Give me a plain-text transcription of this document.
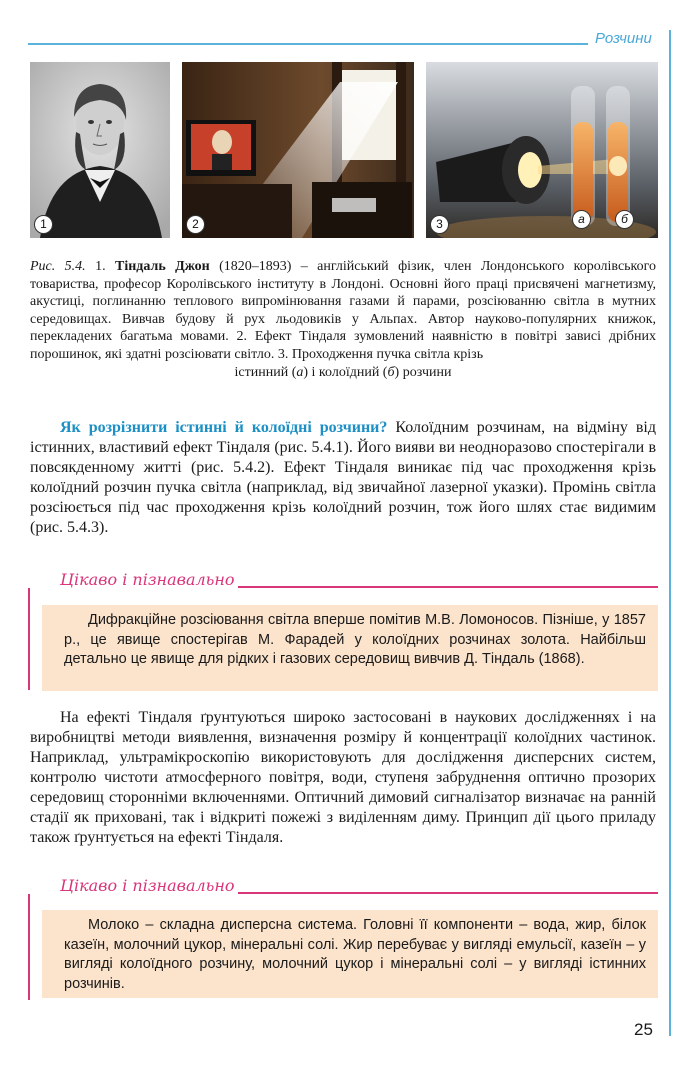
Розчини
1	2	3	а	б
Рис. 5.4. 1. Тіндаль Джон (1820–1893) – англійський фізик, член Лондонського королівського товариства, професор Королівського інституту в Лондоні. Основні його праці присвячені магнетизму, акустиці, поглинанню теплового випромінювання газами й парами, розсіюванню світла в мутних середовищах. Вивчав будову й рух льодовиків у Альпах. Автор науково-популярних книжок, перекладених багатьма мовами. 2. Ефект Тіндаля зумовлений наявністю в повітрі зависі дрібних порошинок, які здатні розсіювати світло. 3. Проходження пучка світла крізь
істинний (а) і колоїдний (б) розчини
Як розрізнити істинні й колоїдні розчини? Колоїдним розчинам, на відміну від істинних, властивий ефект Тіндаля (рис. 5.4.1). Його вияви ви неодноразово спостерігали в повсякденному житті (рис. 5.4.2). Ефект Тіндаля виникає під час проходження крізь колоїдний розчин пучка світла (наприклад, від звичайної лазерної указки). Промінь світла розсіюється під час проходження крізь колоїдний розчин, тож його шлях стає видимим (рис. 5.4.3).
Цікаво і пізнавально

Дифракційне розсіювання світла вперше помітив М.В. Ломоносов. Пізніше, у 1857 р., це явище спостерігав М. Фарадей у колоїдних розчинах золота. Найбільш детально це явище для рідких і газових середовищ вивчив Д. Тіндаль (1868).

На ефекті Тіндаля ґрунтуються широко застосовані в наукових дослідженнях і на виробництві методи виявлення, визначення розміру й концентрації колоїдних частинок. Наприклад, ультрамікроскопію використовують для дослідження дисперсних систем, контролю чистоти атмосферного повітря, води, ступеня забруднення оптично прозорих середовищ сторонніми включеннями. Оптичний димовий сигналізатор визначає на ранній стадії як приховані, так і відкриті пожежі з виділенням диму. Принцип дії цього приладу також ґрунтується на ефекті Тіндаля.
Цікаво і пізнавально

Молоко – складна дисперсна система. Головні її компоненти – вода, жир, білок казеїн, молочний цукор, мінеральні солі. Жир перебуває у вигляді емульсії, казеїн – у вигляді колоїдного розчину, молочний цукор і мінеральні солі – у вигляді істинних розчинів.

25
